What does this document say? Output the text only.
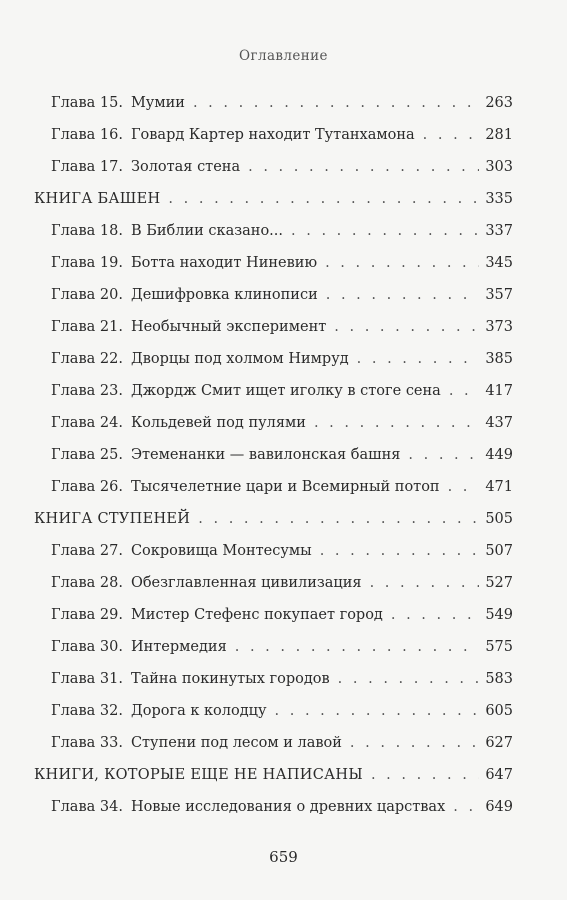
Оглавление
Глава 15. Мумии . . .	263
Глава 16. Говард Картер находит Тутанхамона . . .	281
Глава 17. Золотая стена . . .	303
КНИГА БАШЕН . . .	335
Глава 18. В Библии сказано... . . .	337
Глава 19. Ботта находит Ниневию . . .	345
Глава 20. Дешифровка клинописи . . .	357
Глава 21. Необычный эксперимент . . .	373
Глава 22. Дворцы под холмом Нимруд . . .	385
Глава 23. Джордж Смит ищет иголку в стоге сена . . .	417
Глава 24. Кольдевей под пулями . . .	437
Глава 25. Этеменанки — вавилонская башня . . .	449
Глава 26. Тысячелетние цари и Всемирный потоп . . .	471
КНИГА СТУПЕНЕЙ . . .	505
Глава 27. Сокровища Монтесумы . . .	507
Глава 28. Обезглавленная цивилизация . . .	527
Глава 29. Мистер Стефенс покупает город . . .	549
Глава 30. Интермедия . . .	575
Глава 31. Тайна покинутых городов . . .	583
Глава 32. Дорога к колодцу . . .	605
Глава 33. Ступени под лесом и лавой . . .	627
КНИГИ, КОТОРЫЕ ЕЩЕ НЕ НАПИСАНЫ . . .	647
Глава 34. Новые исследования о древних царствах . . .	649
659
